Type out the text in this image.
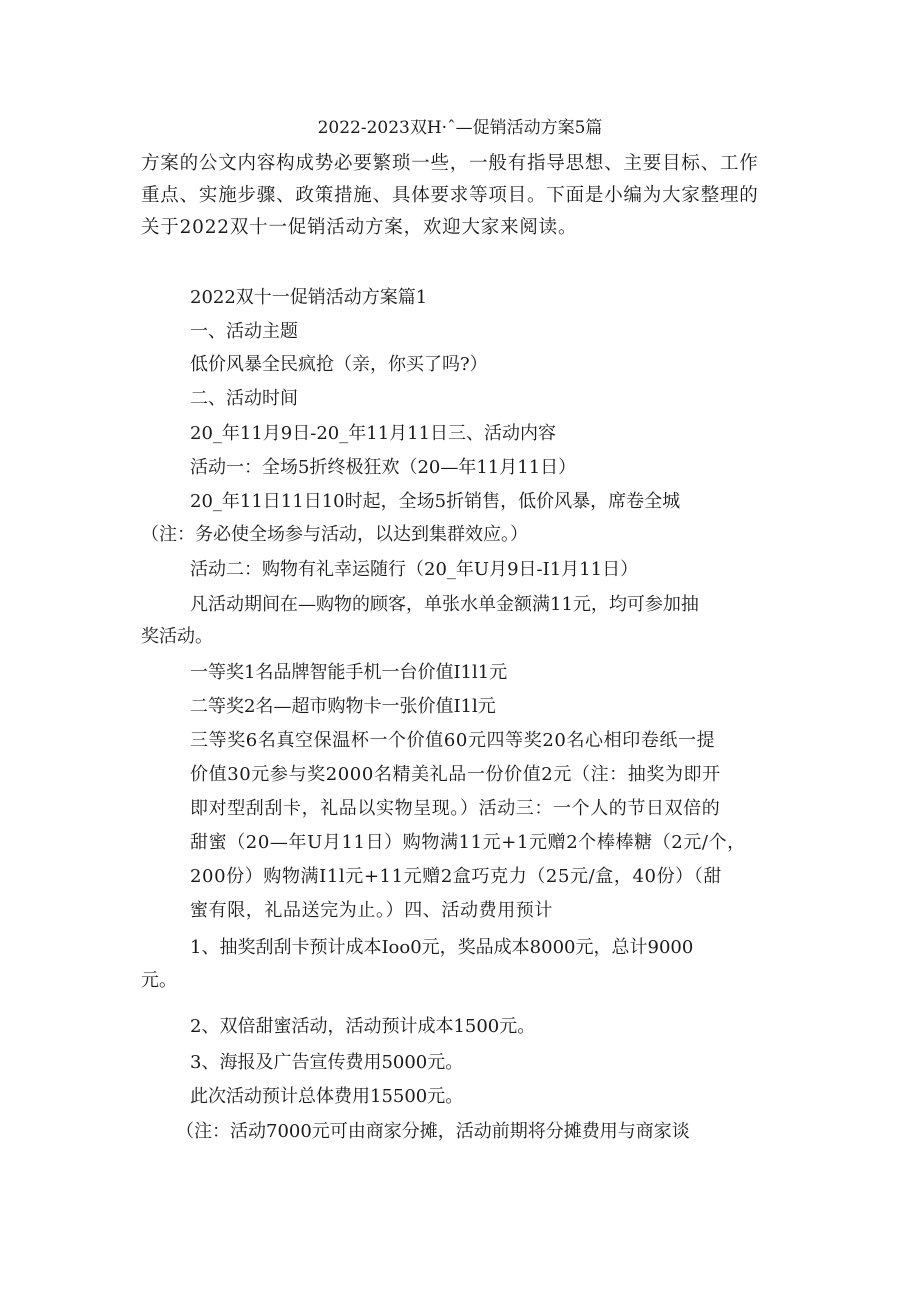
2022-2023双H·ˆ—促销活动方案5篇
方案的公文内容构成势必要繁琐一些，一般有指导思想、主要目标、工作
重点、实施步骤、政策措施、具体要求等项目。下面是小编为大家整理的
关于2022双十一促销活动方案，欢迎大家来阅读。
2022双十一促销活动方案篇1
一、活动主题
低价风暴全民疯抢（亲，你买了吗?）
二、活动时间
20_年11月9日-20_年11月11日三、活动内容
活动一：全场5折终极狂欢（20—年11月11日）
20_年11日11日10时起，全场5折销售，低价风暴，席卷全城
（注：务必使全场参与活动，以达到集群效应。）
活动二：购物有礼幸运随行（20_年U月9日-I1月11日）
凡活动期间在—购物的顾客，单张水单金额满11元，均可参加抽
奖活动。
一等奖1名品牌智能手机一台价值I1l1元
二等奖2名—超市购物卡一张价值I1l元
三等奖6名真空保温杯一个价值60元四等奖20名心相印卷纸一提
价值30元参与奖2000名精美礼品一份价值2元（注：抽奖为即开
即对型刮刮卡，礼品以实物呈现。）活动三：一个人的节日双倍的
甜蜜（20—年U月11日）购物满11元+1元赠2个棒棒糖（2元/个，
200份）购物满I1l元+11元赠2盒巧克力（25元/盒，40份）（甜
蜜有限，礼品送完为止。）四、活动费用预计
1、抽奖刮刮卡预计成本Ioo0元，奖品成本8000元，总计9000
元。
2、双倍甜蜜活动，活动预计成本1500元。
3、海报及广告宣传费用5000元。
此次活动预计总体费用15500元。
（注：活动7000元可由商家分摊，活动前期将分摊费用与商家谈
